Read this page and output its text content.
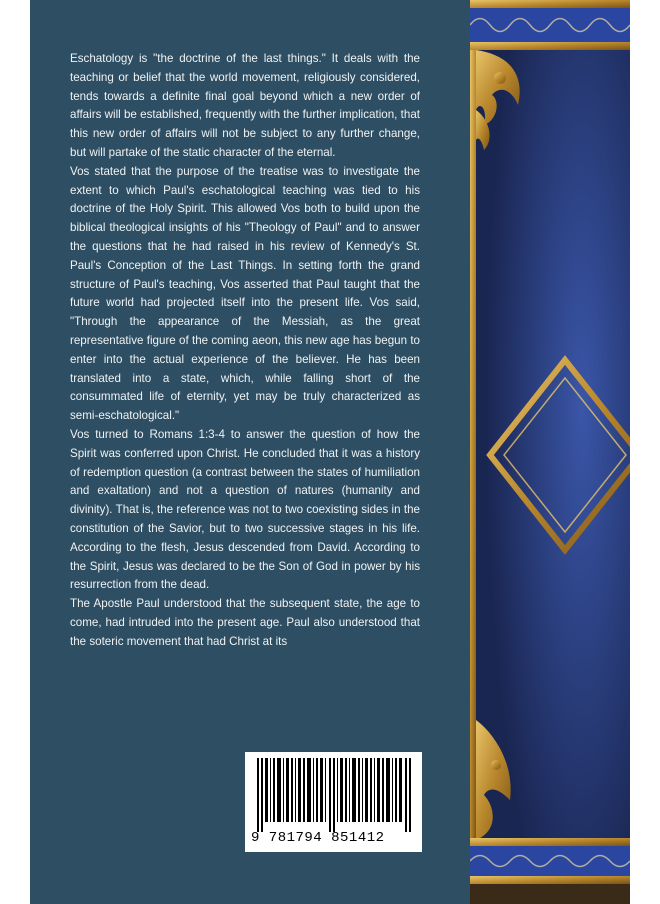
Eschatology is "the doctrine of the last things." It deals with the teaching or belief that the world movement, religiously considered, tends towards a definite final goal beyond which a new order of affairs will be established, frequently with the further implication, that this new order of affairs will not be subject to any further change, but will partake of the static character of the eternal.

Vos stated that the purpose of the treatise was to investigate the extent to which Paul's eschatological teaching was tied to his doctrine of the Holy Spirit. This allowed Vos both to build upon the biblical theological insights of his "Theology of Paul" and to answer the questions that he had raised in his review of Kennedy's St. Paul's Conception of the Last Things. In setting forth the grand structure of Paul's teaching, Vos asserted that Paul taught that the future world had projected itself into the present life. Vos said, "Through the appearance of the Messiah, as the great representative figure of the coming aeon, this new age has begun to enter into the actual experience of the believer. He has been translated into a state, which, while falling short of the consummated life of eternity, yet may be truly characterized as semi-eschatological."

Vos turned to Romans 1:3-4 to answer the question of how the Spirit was conferred upon Christ. He concluded that it was a history of redemption question (a contrast between the states of humiliation and exaltation) and not a question of natures (humanity and divinity). That is, the reference was not to two coexisting sides in the constitution of the Savior, but to two successive stages in his life. According to the flesh, Jesus descended from David. According to the Spirit, Jesus was declared to be the Son of God in power by his resurrection from the dead.

The Apostle Paul understood that the subsequent state, the age to come, had intruded into the present age. Paul also understood that the soteric movement that had Christ at its

9 781794 851412
